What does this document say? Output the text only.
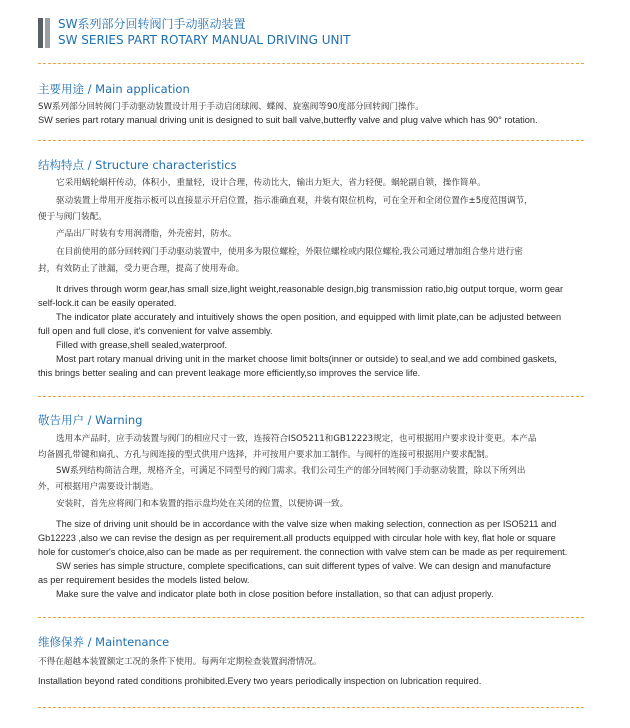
SW系列部分回转阀门手动驱动装置
SW SERIES PART ROTARY MANUAL DRIVING UNIT
主要用途 / Main application
SW系列部分回转阀门手动驱动装置设计用于手动启闭球阀、蝶阀、旋塞阀等90度部分回转阀门操作。
SW series part rotary manual driving unit is designed to suit ball valve,butterfly valve and plug valve which has 90° rotation.
结构特点 / Structure characteristics
它采用蜗轮蜗杆传动，体积小，重量轻，设计合理，传动比大，输出力矩大，省力轻便。蜗轮副自锁，操作简单。
驱动装置上带用开度指示板可以直接显示开启位置，指示准确直观，并装有限位机构，可在全开和全闭位置作±5度范围调节，
便于与阀门装配。
产品出厂时装有专用润滑脂，外壳密封，防水。
在目前使用的部分回转阀门手动驱动装置中，使用多为限位螺栓，外限位螺栓或内限位螺栓,我公司通过增加组合垫片进行密
封，有效防止了泄漏，受力更合理，提高了使用寿命。
It drives through worm gear,has small size,light weight,reasonable design,big transmission ratio,big output torque, worm gear
self-lock.it can be easily operated.
The indicator plate accurately and intuitively shows the open position, and equipped with limit plate,can be adjusted between
full open and full close, it's convenient for valve assembly.
Filled with grease,shell sealed,waterproof.
Most part rotary manual driving unit in the market choose limit bolts(inner or outside) to seal,and we add combined gaskets,
this brings better sealing and can prevent leakage more efficiently,so improves the service life.
敬告用户 / Warning
选用本产品时，应手动装置与阀门的相应尺寸一致，连接符合ISO5211和GB12223规定，也可根据用户要求设计变更。本产品
均备圆孔带键和扁孔、方孔与阀连接的型式供用户选择，并可按用户要求加工制作。与阀杆的连接可根据用户要求配制。
SW系列结构简洁合理，规格齐全，可满足不同型号的阀门需求。我们公司生产的部分回转阀门手动驱动装置，除以下所列出
外，可根据用户需要设计制造。
安装时，首先应将阀门和本装置的指示盘均处在关闭的位置，以便协调一致。
The size of driving unit should be in accordance with the valve size when making selection, connection as per ISO5211 and
Gb12223 ,also we can revise the design as per requirement.all products equipped with circular hole with key, flat hole or square
hole for customer's choice,also can be made as per requirement. the connection with valve stem can be made as per requirement.
SW series has simple structure, complete specifications, can suit different types of valve. We can design and manufacture
as per requirement besides the models listed below.
Make sure the valve and indicator plate both in close position before installation, so that can adjust properly.
维修保养 / Maintenance
不得在超越本装置额定工况的条件下使用。每两年定期检查装置润滑情况。
Installation beyond rated conditions prohibited.Every two years periodically inspection on lubrication required.
